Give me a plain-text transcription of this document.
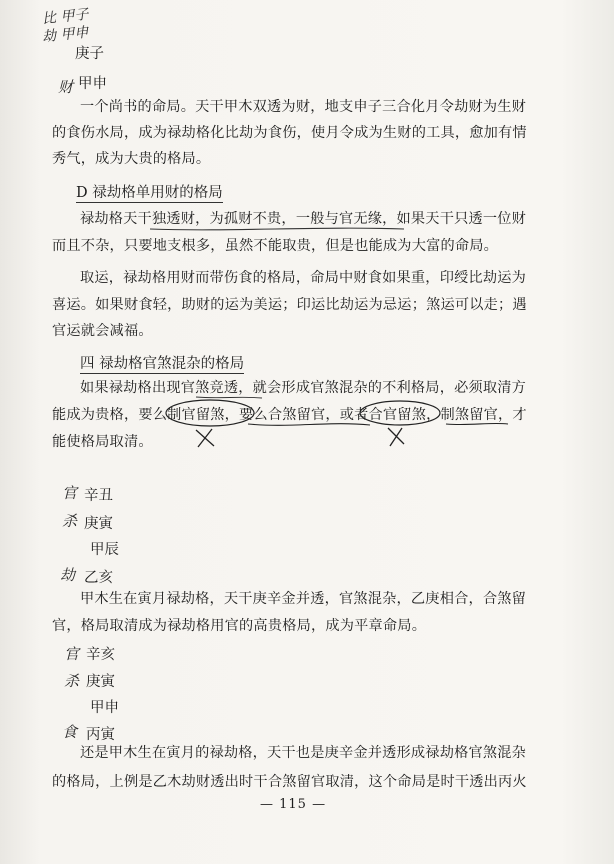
比 甲子
劫 甲申
庚子
财 甲申
一个尚书的命局。天干甲木双透为财，地支申子三合化月令劫财为生财
的食伤水局，成为禄劫格化比劫为食伤，使月令成为生财的工具，愈加有情
秀气，成为大贵的格局。
D 禄劫格单用财的格局
禄劫格天干独透财，为孤财不贵，一般与官无缘，如果天干只透一位财
而且不杂，只要地支根多，虽然不能取贵，但是也能成为大富的命局。
取运，禄劫格用财而带伤食的格局，命局中财食如果重，印绶比劫运为
喜运。如果财食轻，助财的运为美运；印运比劫运为忌运；煞运可以走；遇
官运就会减福。
四 禄劫格官煞混杂的格局
如果禄劫格出现官煞竞透，就会形成官煞混杂的不利格局，必须取清方
能成为贵格，要么制官留煞，要么合煞留官，或者合官留煞，制煞留官，才
能使格局取清。
官 辛丑
杀 庚寅
甲辰
劫 乙亥
甲木生在寅月禄劫格，天干庚辛金并透，官煞混杂，乙庚相合，合煞留
官，格局取清成为禄劫格用官的高贵格局，成为平章命局。
官 辛亥
杀 庚寅
甲申
食 丙寅
还是甲木生在寅月的禄劫格，天干也是庚辛金并透形成禄劫格官煞混杂
的格局，上例是乙木劫财透出时干合煞留官取清，这个命局是时干透出丙火
— 115 —
